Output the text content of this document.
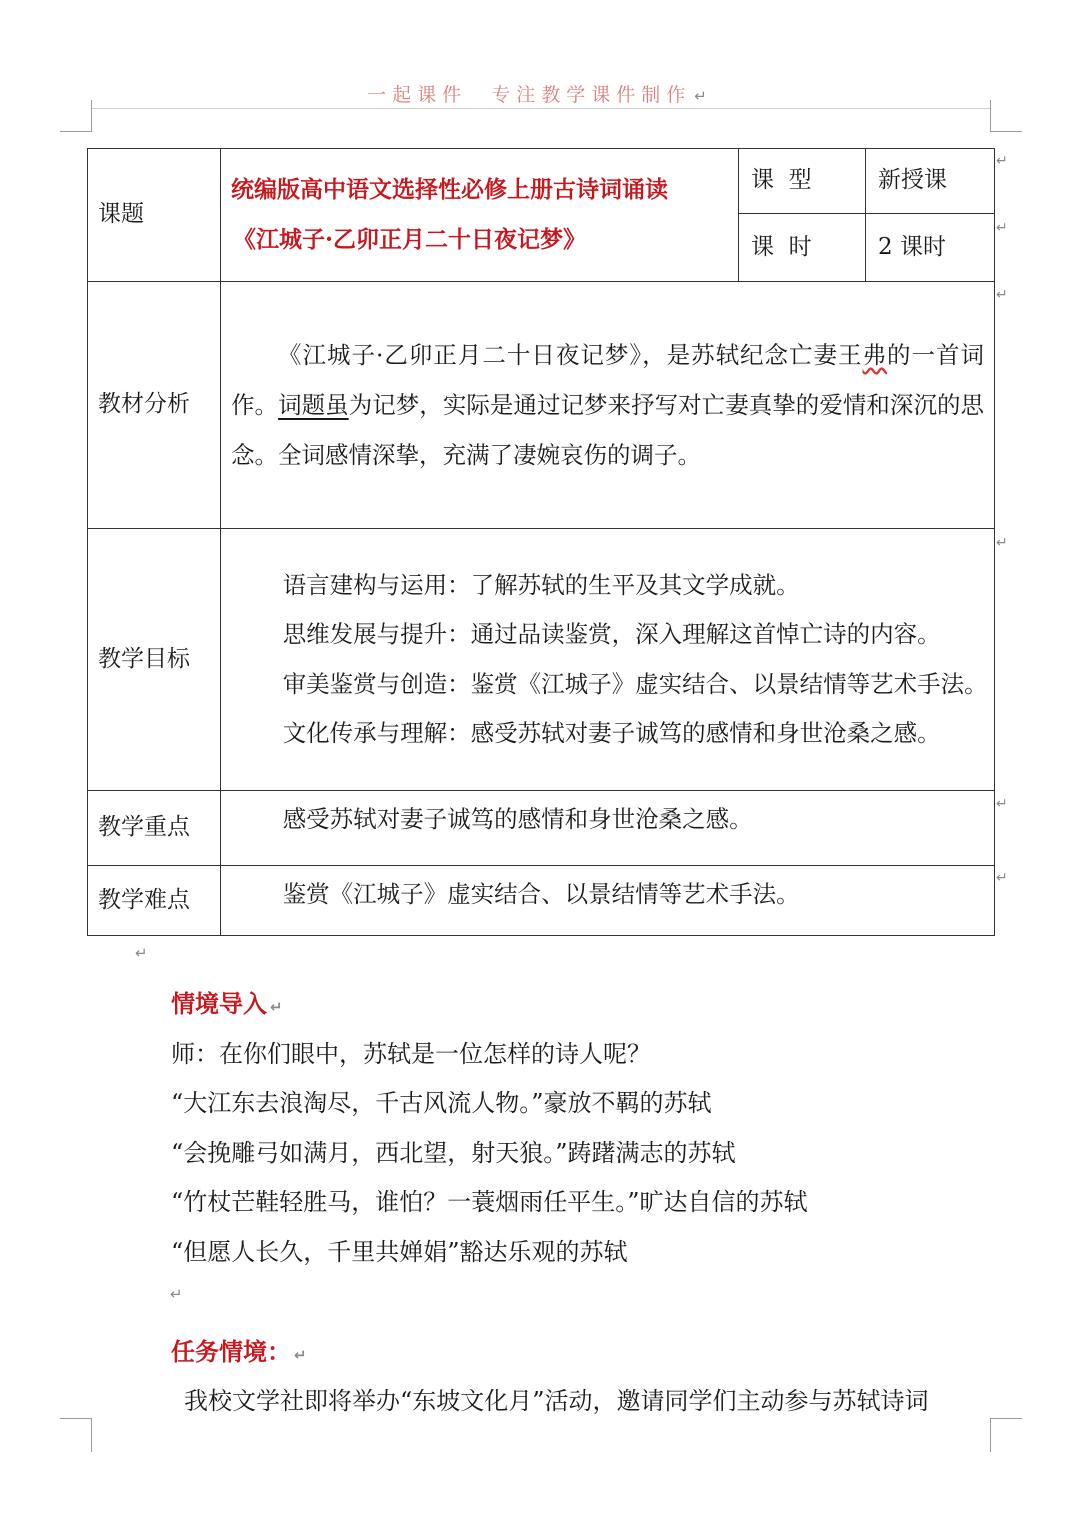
一起课件  专注教学课件制作 ↵
课题	统编版高中语文选择性必修上册古诗词诵读
《江城子·乙卯正月二十日夜记梦》	课  型	新授课
		课  时	2 课时
教材分析	《江城子·乙卯正月二十日夜记梦》，是苏轼纪念亡妻王弗的一首词作。词题虽为记梦，实际是通过记梦来抒写对亡妻真挚的爱情和深沉的思念。全词感情深挚，充满了凄婉哀伤的调子。		

教学目标	语言建构与运用：了解苏轼的生平及其文学成就。

思维发展与提升：通过品读鉴赏，深入理解这首悼亡诗的内容。

审美鉴赏与创造：鉴赏《江城子》虚实结合、以景结情等艺术手法。

文化传承与理解：感受苏轼对妻子诚笃的感情和身世沧桑之感。		

教学重点	感受苏轼对妻子诚笃的感情和身世沧桑之感。		

教学难点	鉴赏《江城子》虚实结合、以景结情等艺术手法。		
↵
↵
↵
↵
↵
↵
↵
情境导入 ↵
师：在你们眼中，苏轼是一位怎样的诗人呢？
“大江东去浪淘尽，千古风流人物。”豪放不羁的苏轼
“会挽雕弓如满月，西北望，射天狼。”踌躇满志的苏轼
“竹杖芒鞋轻胜马，谁怕？一蓑烟雨任平生。”旷达自信的苏轼
“但愿人长久，千里共婵娟”豁达乐观的苏轼
↵
任务情境： ↵
我校文学社即将举办“东坡文化月”活动，邀请同学们主动参与苏轼诗词
